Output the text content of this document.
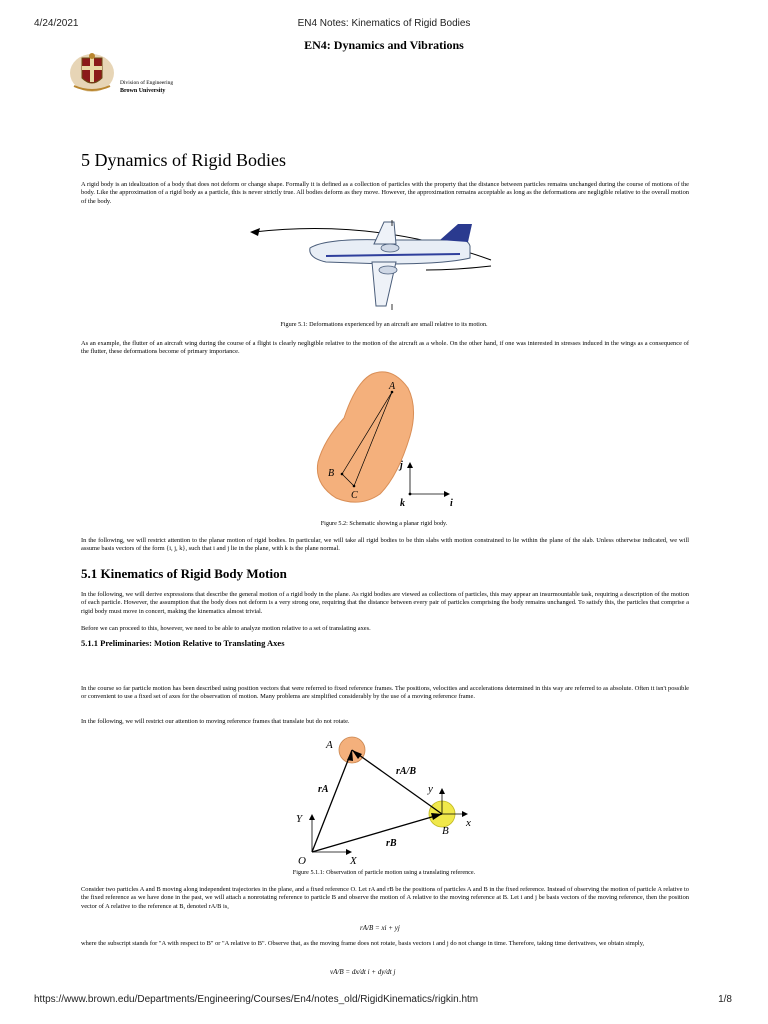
4/24/2021	EN4 Notes: Kinematics of Rigid Bodies
EN4: Dynamics and Vibrations
Division of Engineering
Brown University
5 Dynamics of Rigid Bodies

A rigid body is an idealization of a body that does not deform or change shape. Formally it is defined as a collection of particles with the property that the distance between particles remains unchanged during the course of motions of the body. Like the approximation of a rigid body as a particle, this is never strictly true. All bodies deform as they move. However, the approximation remains acceptable as long as the deformations are negligible relative to the overall motion of the body.

Figure 5.1: Deformations experienced by an aircraft are small relative to its motion.

As an example, the flutter of an aircraft wing during the course of a flight is clearly negligible relative to the motion of the aircraft as a whole. On the other hand, if one was interested in stresses induced in the wings as a consequence of the flutter, these deformations become of primary importance.

A
B
C
j
k	i
Figure 5.2: Schematic showing a planar rigid body.

In the following, we will restrict attention to the planar motion of rigid bodies. In particular, we will take all rigid bodies to be thin slabs with motion constrained to lie within the plane of the slab. Unless otherwise indicated, we will assume basis vectors of the form {i, j, k}, such that i and j lie in the plane, with k is the plane normal.

5.1 Kinematics of Rigid Body Motion

In the following, we will derive expressions that describe the general motion of a rigid body in the plane. As rigid bodies are viewed as collections of particles, this may appear an insurmountable task, requiring a description of the motion of each particle. However, the assumption that the body does not deform is a very strong one, requiring that the distance between every pair of particles comprising the body remains unchanged. To satisfy this, the particles that comprise a rigid body must move in concert, making the kinematics almost trivial.

Before we can proceed to this, however, we need to be able to analyze motion relative to a set of translating axes.

5.1.1 Preliminaries: Motion Relative to Translating Axes

In the course so far particle motion has been described using position vectors that were referred to fixed reference frames. The positions, velocities and accelerations determined in this way are referred to as absolute. Often it isn't possible or convenient to use a fixed set of axes for the observation of motion. Many problems are simplified considerably by the use of a moving reference frame.

In the following, we will restrict our attention to moving reference frames that translate but do not rotate.

A
B
O	X
Y	x
y
rA
rB
rA/B
Figure 5.1.1: Observation of particle motion using a translating reference.

Consider two particles A and B moving along independent trajectories in the plane, and a fixed reference O. Let rA and rB be the positions of particles A and B in the fixed reference. Instead of observing the motion of particle A relative to the fixed reference as we have done in the past, we will attach a nonrotating reference to particle B and observe the motion of A relative to the moving reference at B. Let i and j be basis vectors of the moving reference, then the position vector of A relative to the reference at B, denoted rA/B is,

rA/B = xi + yj

where the subscript stands for "A with respect to B" or "A relative to B". Observe that, as the moving frame does not rotate, basis vectors i and j do not change in time. Therefore, taking time derivatives, we obtain simply,

vA/B = dx/dt i + dy/dt j
https://www.brown.edu/Departments/Engineering/Courses/En4/notes_old/RigidKinematics/rigkin.htm	1/8
